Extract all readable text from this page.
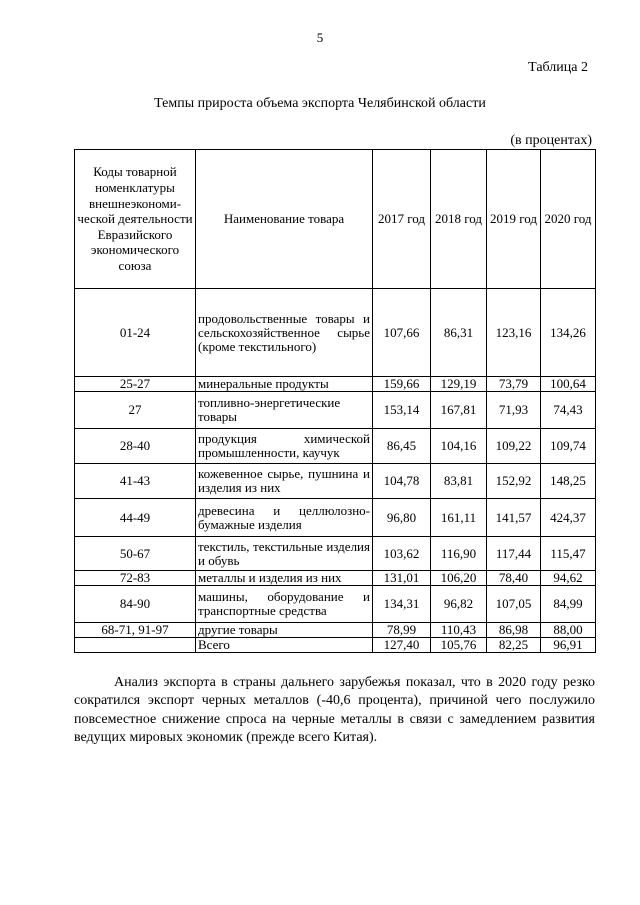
5
Таблица 2
Темпы прироста объема экспорта Челябинской области
(в процентах)
Коды товарной номенклатуры внешнеэкономи-ческой деятельности Евразийского экономического союза	Наименование товара	2017 год	2018 год	2019 год	2020 год
01-24	продовольственные товары и сельскохозяйственное сырье (кроме текстильного)	107,66	86,31	123,16	134,26
25-27	минеральные продукты	159,66	129,19	73,79	100,64
27	топливно-энергетические товары	153,14	167,81	71,93	74,43
28-40	продукция химической промышленности, каучук	86,45	104,16	109,22	109,74
41-43	кожевенное сырье, пушнина и изделия из них	104,78	83,81	152,92	148,25
44-49	древесина и целлюлозно-бумажные изделия	96,80	161,11	141,57	424,37
50-67	текстиль, текстильные изделия и обувь	103,62	116,90	117,44	115,47
72-83	металлы и изделия из них	131,01	106,20	78,40	94,62
84-90	машины, оборудование и транспортные средства	134,31	96,82	107,05	84,99
68-71, 91-97	другие товары	78,99	110,43	86,98	88,00
	Всего	127,40	105,76	82,25	96,91

Анализ экспорта в страны дальнего зарубежья показал, что в 2020 году резко сократился экспорт черных металлов (-40,6 процента), причиной чего послужило повсеместное снижение спроса на черные металлы в связи с замедлением развития ведущих мировых экономик (прежде всего Китая).
